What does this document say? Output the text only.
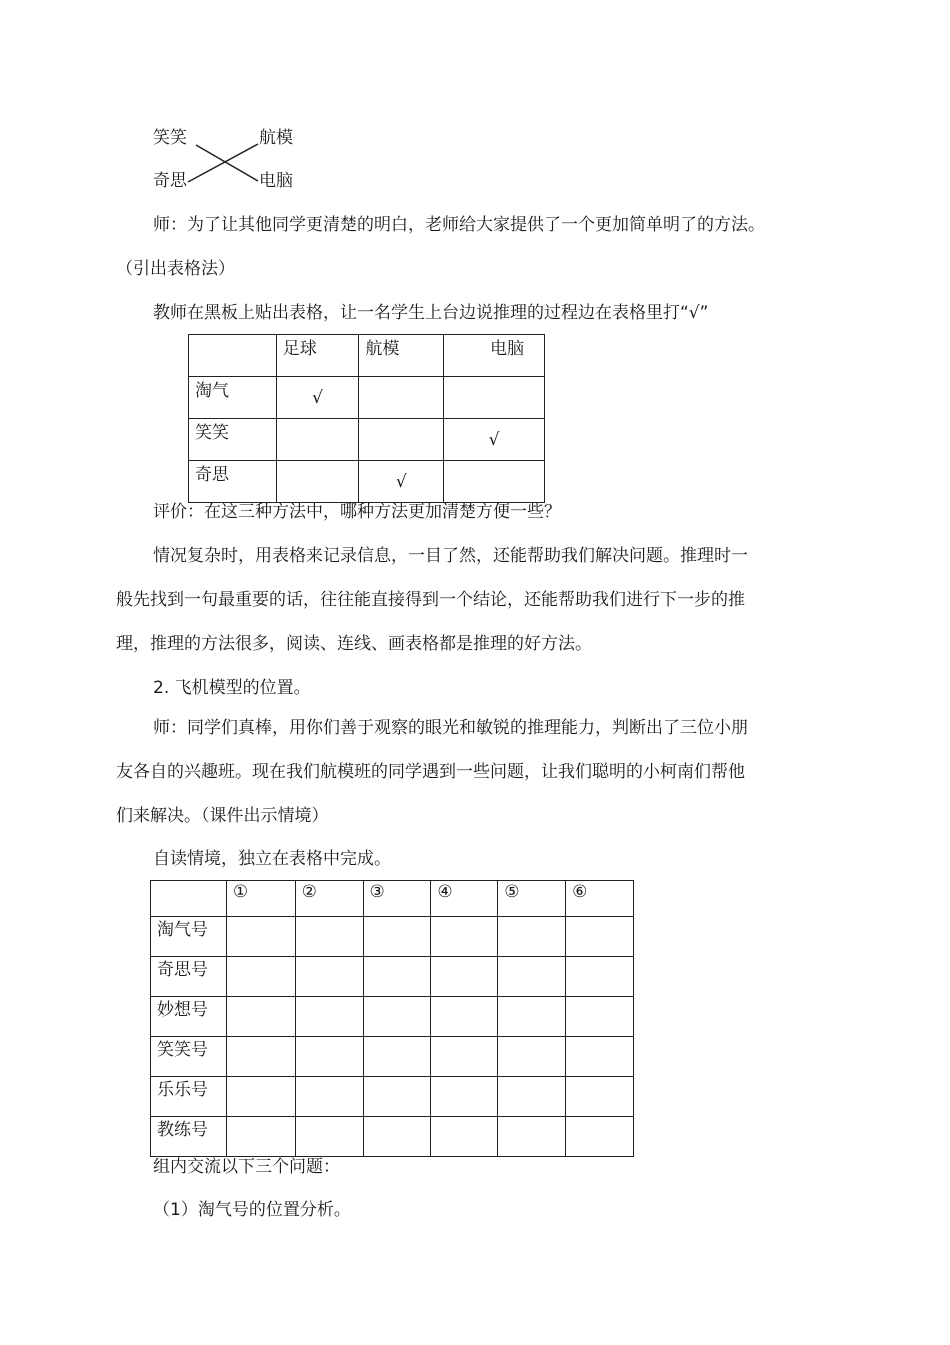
笑笑
奇思
航模
电脑
师：为了让其他同学更清楚的明白，老师给大家提供了一个更加简单明了的方法。
（引出表格法）
教师在黑板上贴出表格，让一名学生上台边说推理的过程边在表格里打“√”
	足球	航模	电脑
淘气	√		
笑笑			√
奇思		√	
评价：在这三种方法中，哪种方法更加清楚方便一些？
情况复杂时，用表格来记录信息，一目了然，还能帮助我们解决问题。推理时一
般先找到一句最重要的话，往往能直接得到一个结论，还能帮助我们进行下一步的推
理，推理的方法很多，阅读、连线、画表格都是推理的好方法。
2. 飞机模型的位置。
师：同学们真棒，用你们善于观察的眼光和敏锐的推理能力，判断出了三位小朋
友各自的兴趣班。现在我们航模班的同学遇到一些问题，让我们聪明的小柯南们帮他
们来解决。（课件出示情境）
自读情境，独立在表格中完成。
	①	②	③	④	⑤	⑥
淘气号						
奇思号						
妙想号						
笑笑号						
乐乐号						
教练号						
组内交流以下三个问题：
（1）淘气号的位置分析。
